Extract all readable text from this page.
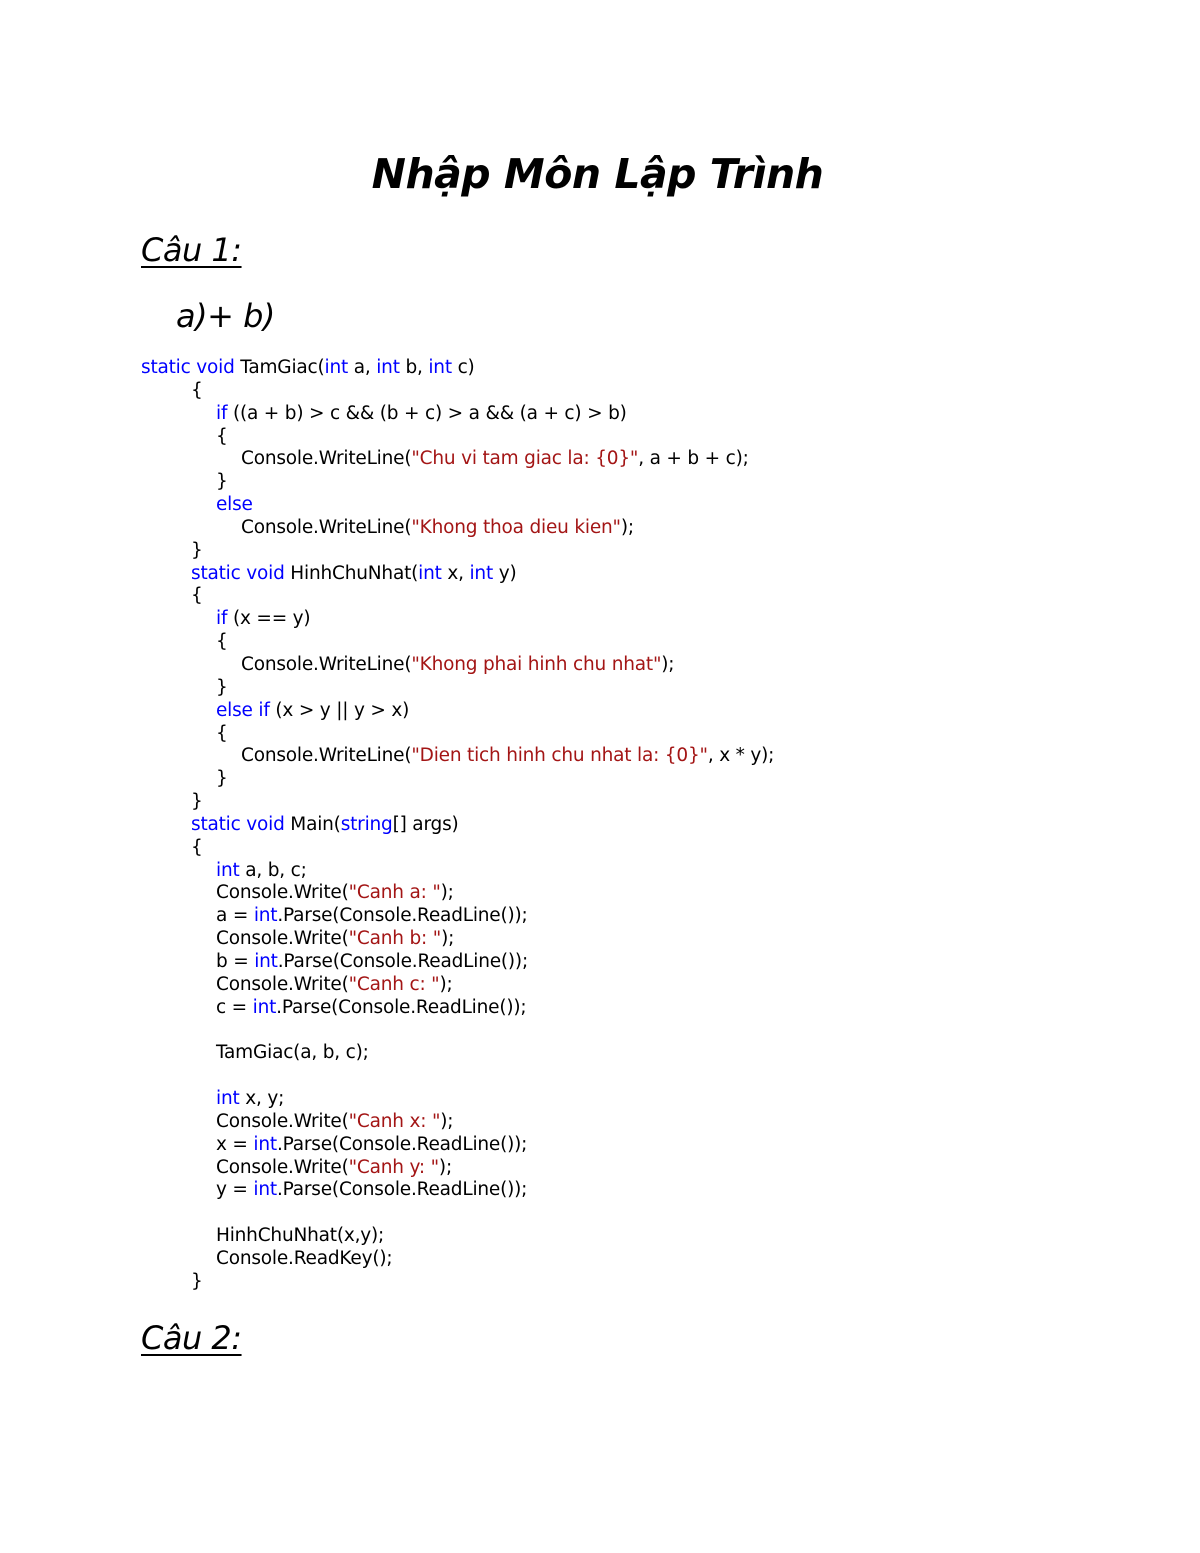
Nhập Môn Lập Trình
Câu 1:
a)+ b)
static void TamGiac(int a, int b, int c)
{
if ((a + b) > c && (b + c) > a && (a + c) > b)
{
Console.WriteLine("Chu vi tam giac la: {0}", a + b + c);
}
else
Console.WriteLine("Khong thoa dieu kien");
}
static void HinhChuNhat(int x, int y)
{
if (x == y)
{
Console.WriteLine("Khong phai hinh chu nhat");
}
else if (x > y || y > x)
{
Console.WriteLine("Dien tich hinh chu nhat la: {0}", x * y);
}
}
static void Main(string[] args)
{
int a, b, c;
Console.Write("Canh a: ");
a = int.Parse(Console.ReadLine());
Console.Write("Canh b: ");
b = int.Parse(Console.ReadLine());
Console.Write("Canh c: ");
c = int.Parse(Console.ReadLine());
TamGiac(a, b, c);
int x, y;
Console.Write("Canh x: ");
x = int.Parse(Console.ReadLine());
Console.Write("Canh y: ");
y = int.Parse(Console.ReadLine());
HinhChuNhat(x,y);
Console.ReadKey();
}
Câu 2:
